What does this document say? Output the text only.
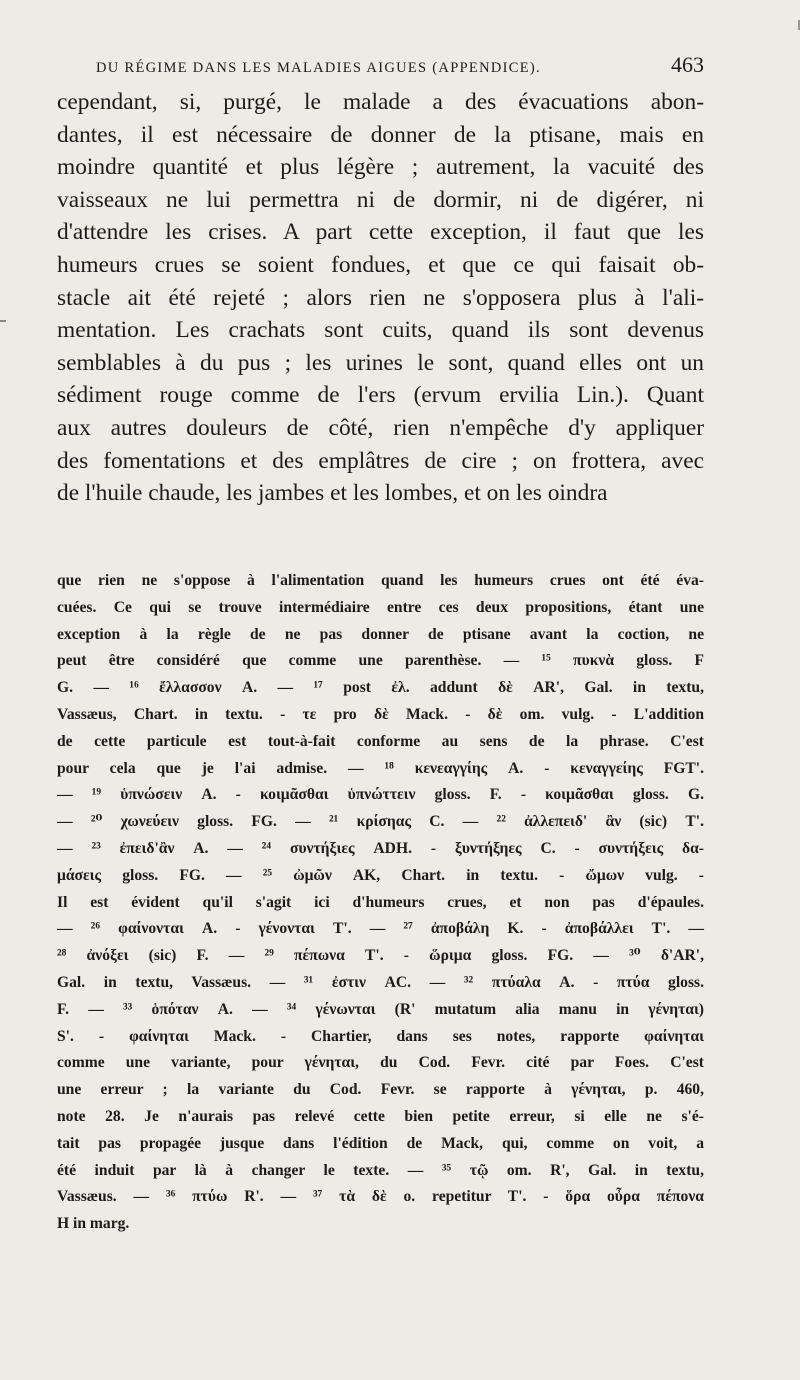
DU RÉGIME DANS LES MALADIES AIGUES (APPENDICE).	463
cependant, si, purgé, le malade a des évacuations abon-
dantes, il est nécessaire de donner de la ptisane, mais en
moindre quantité et plus légère ; autrement, la vacuité des
vaisseaux ne lui permettra ni de dormir, ni de digérer, ni
d'attendre les crises. A part cette exception, il faut que les
humeurs crues se soient fondues, et que ce qui faisait ob-
stacle ait été rejeté ; alors rien ne s'opposera plus à l'ali-
mentation. Les crachats sont cuits, quand ils sont devenus
semblables à du pus ; les urines le sont, quand elles ont un
sédiment rouge comme de l'ers (ervum ervilia Lin.). Quant
aux autres douleurs de côté, rien n'empêche d'y appliquer
des fomentations et des emplâtres de cire ; on frottera, avec
de l'huile chaude, les jambes et les lombes, et on les oindra
que rien ne s'oppose à l'alimentation quand les humeurs crues ont été éva-
cuées. Ce qui se trouve intermédiaire entre ces deux propositions, étant une
exception à la règle de ne pas donner de ptisane avant la coction, ne
peut être considéré que comme une parenthèse. — ¹⁵ πυκνὰ gloss. F
G. — ¹⁶ ἔλλασσον A. — ¹⁷ post ἐλ. addunt δὲ AR', Gal. in textu,
Vassæus, Chart. in textu. - τε pro δὲ Mack. - δὲ om. vulg. - L'addition
de cette particule est tout-à-fait conforme au sens de la phrase. C'est
pour cela que je l'ai admise. — ¹⁸ κενεαγγίης A. - κεναγγείης FGT'.
— ¹⁹ ὑπνώσειν A. - κοιμᾶσθαι ὑπνώττειν gloss. F. - κοιμᾶσθαι gloss. G.
— ²⁰ χωνεύειν gloss. FG. — ²¹ κρίσηας C. — ²² ἀλλεπειδ' ἂν (sic) T'.
— ²³ ἐπειδ'ἂν A. — ²⁴ συντήξιες ADH. - ξυντήξηες C. - συντήξεις δα-
μάσεις gloss. FG. — ²⁵ ὠμῶν AK, Chart. in textu. - ὤμων vulg. -
Il est évident qu'il s'agit ici d'humeurs crues, et non pas d'épaules.
— ²⁶ φαίνονται A. - γένονται T'. — ²⁷ ἀποβάλη K. - ἀποβάλλει T'. —
²⁸ ἀνόξει (sic) F. — ²⁹ πέπωνα T'. - ὥριμα gloss. FG. — ³⁰ δ'AR',
Gal. in textu, Vassæus. — ³¹ ἐστιν AC. — ³² πτύαλα A. - πτύα gloss.
F. — ³³ ὁπόταν A. — ³⁴ γένωνται (R' mutatum alia manu in γένηται)
S'. - φαίνηται Mack. - Chartier, dans ses notes, rapporte φαίνηται
comme une variante, pour γένηται, du Cod. Fevr. cité par Foes. C'est
une erreur ; la variante du Cod. Fevr. se rapporte à γένηται, p. 460,
note 28. Je n'aurais pas relevé cette bien petite erreur, si elle ne s'é-
tait pas propagée jusque dans l'édition de Mack, qui, comme on voit, a
été induit par là à changer le texte. — ³⁵ τῷ om. R', Gal. in textu,
Vassæus. — ³⁶ πτύω R'. — ³⁷ τὰ δὲ o. repetitur T'. - ὅρα οὖρα πέπονα
H in marg.
